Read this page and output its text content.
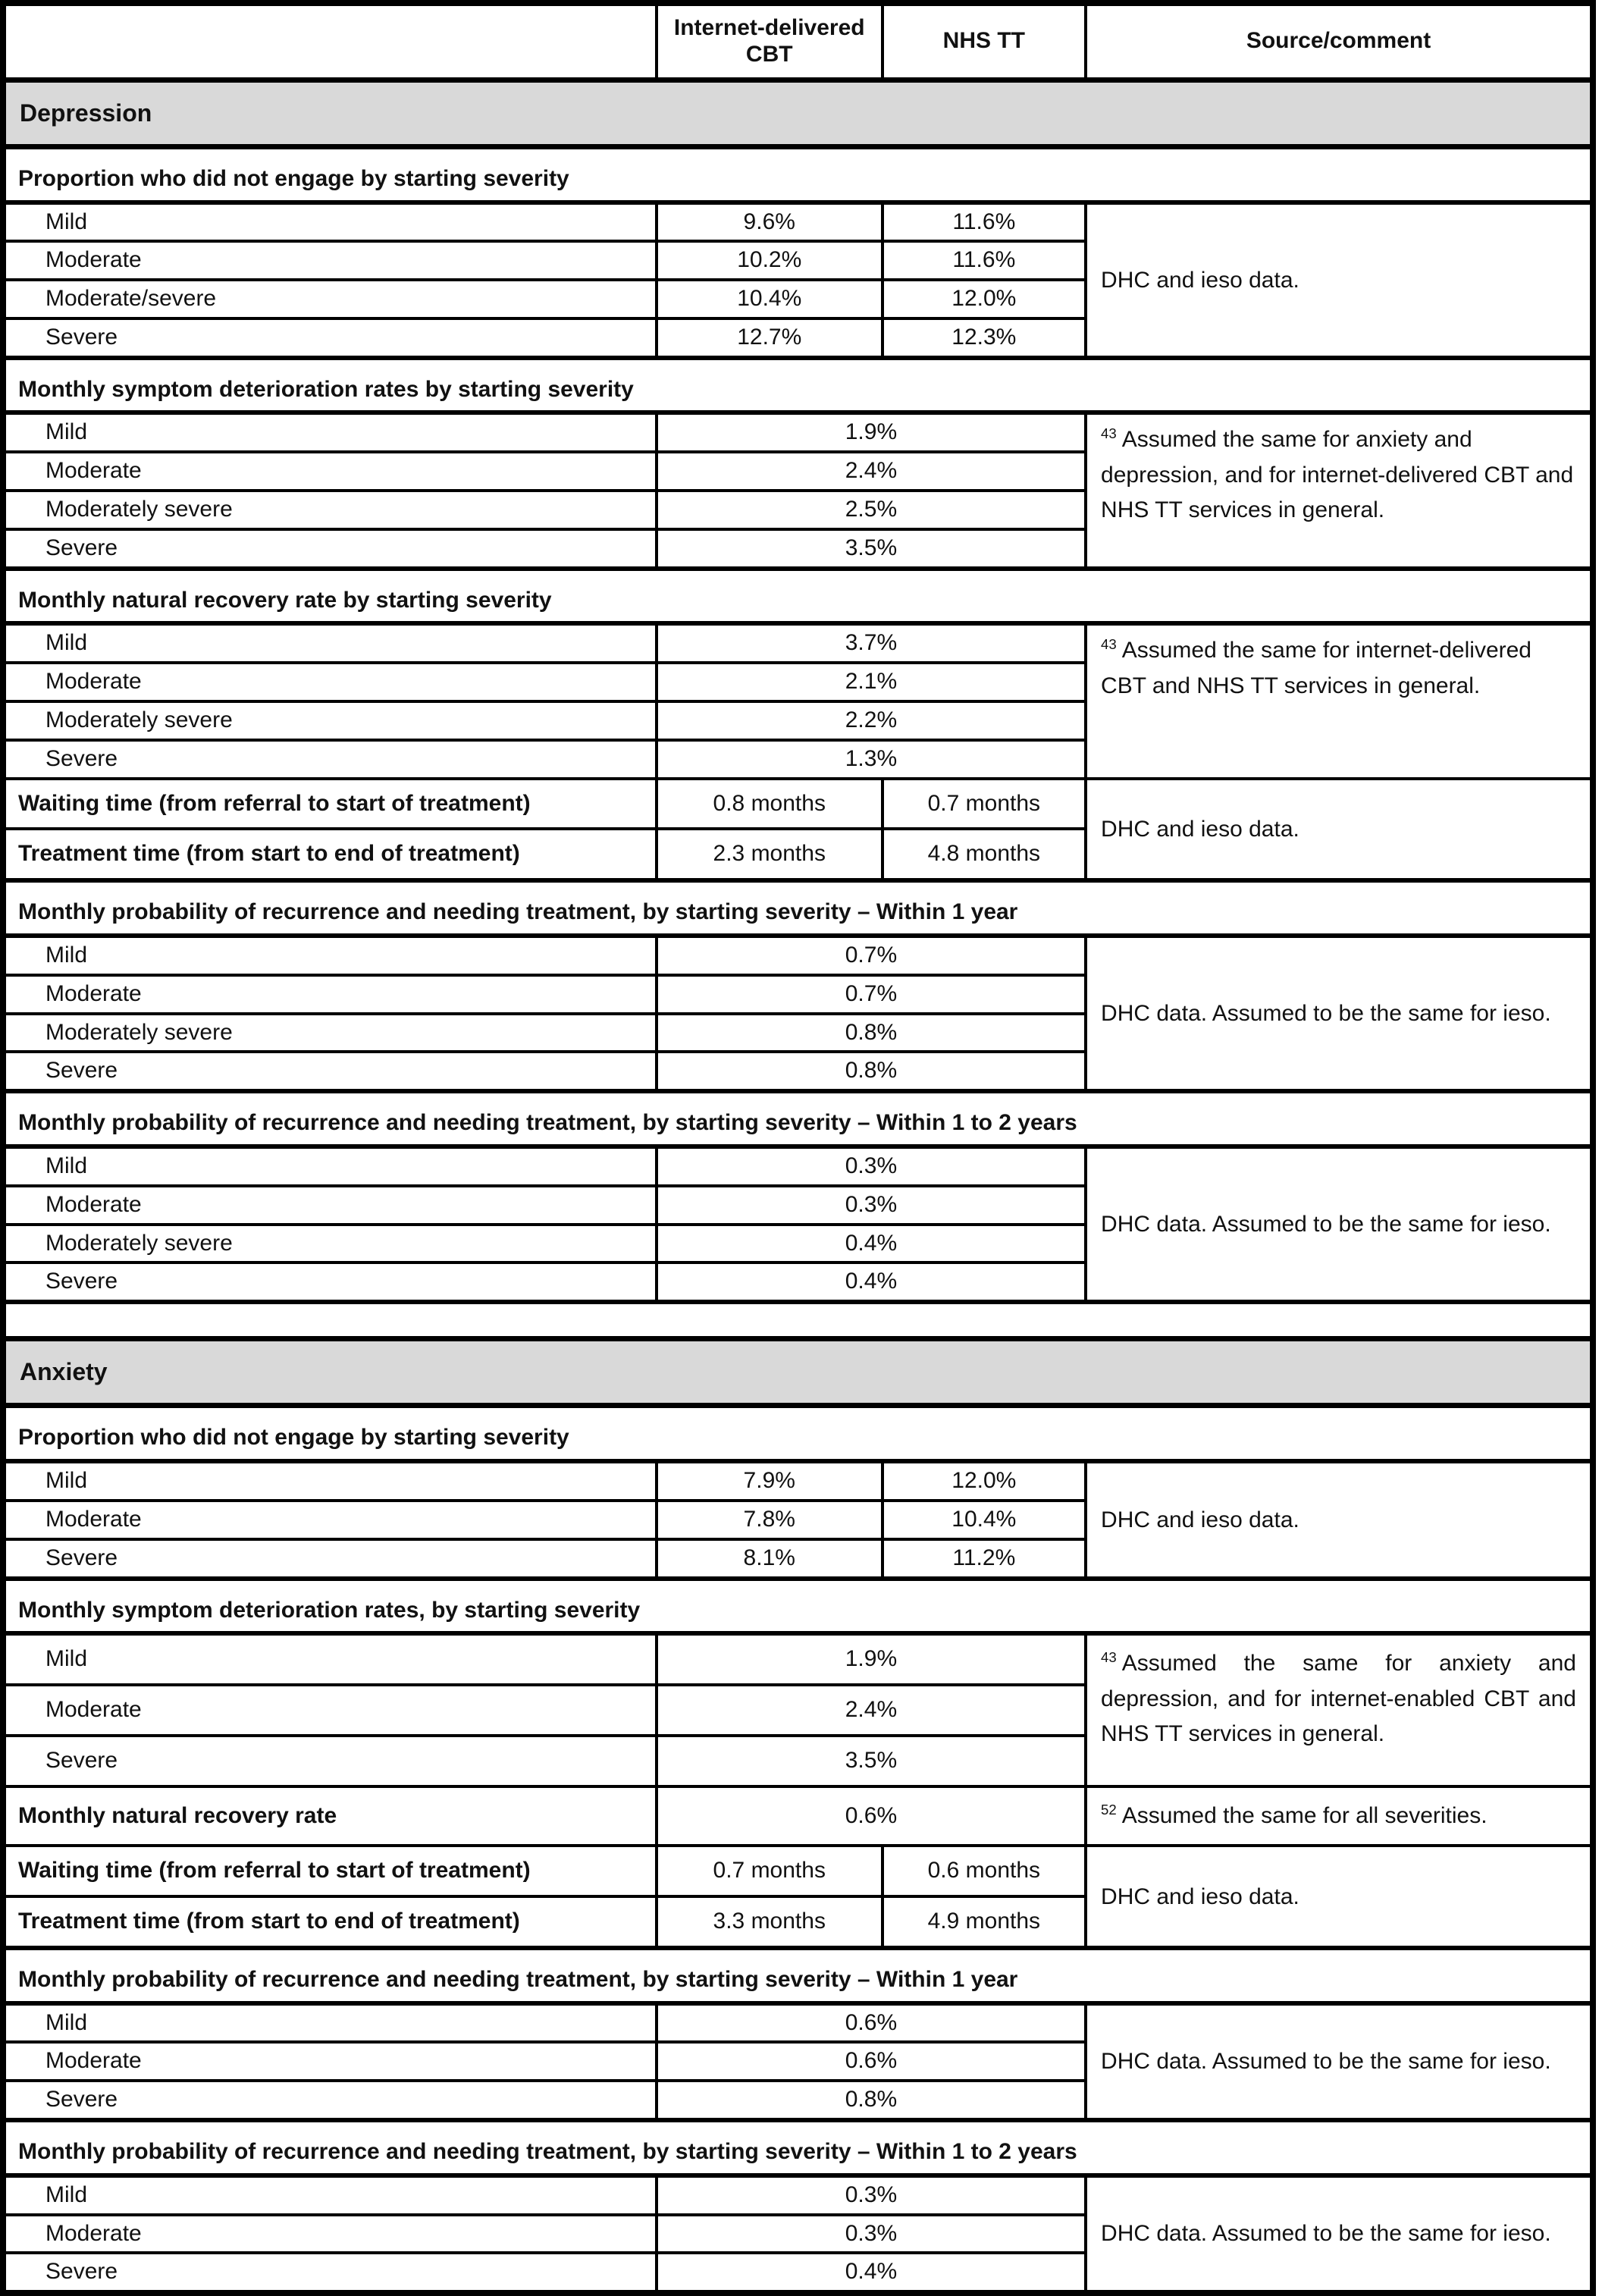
	Internet-delivered CBT	NHS TT	Source/comment
Depression			
Proportion who did not engage by starting severity			
Mild	9.6%	11.6%	DHC and ieso data.
Moderate	10.2%	11.6%	
Moderate/severe	10.4%	12.0%	
Severe	12.7%	12.3%	
Monthly symptom deterioration rates by starting severity			
Mild	1.9%		$^{43}$ Assumed the same for anxiety and depression, and for internet-delivered CBT and NHS TT services in general.
Moderate	2.4%		
Moderately severe	2.5%		
Severe	3.5%		
Monthly natural recovery rate by starting severity			
Mild	3.7%		$^{43}$ Assumed the same for internet-delivered CBT and NHS TT services in general.
Moderate	2.1%		
Moderately severe	2.2%		
Severe	1.3%		
Waiting time (from referral to start of treatment)	0.8 months	0.7 months	DHC and ieso data.
Treatment time (from start to end of treatment)	2.3 months	4.8 months	
Monthly probability of recurrence and needing treatment, by starting severity – Within 1 year			
Mild	0.7%		DHC data. Assumed to be the same for ieso.
Moderate	0.7%		
Moderately severe	0.8%		
Severe	0.8%		
Monthly probability of recurrence and needing treatment, by starting severity – Within 1 to 2 years			
Mild	0.3%		DHC data. Assumed to be the same for ieso.
Moderate	0.3%		
Moderately severe	0.4%		
Severe	0.4%		

Anxiety			
Proportion who did not engage by starting severity			
Mild	7.9%	12.0%	DHC and ieso data.
Moderate	7.8%	10.4%	
Severe	8.1%	11.2%	
Monthly symptom deterioration rates, by starting severity			
Mild	1.9%		$^{43}$ Assumed the same for anxiety and depression, and for internet-enabled CBT and NHS TT services in general.
Moderate	2.4%		
Severe	3.5%		
Monthly natural recovery rate	0.6%		$^{52}$ Assumed the same for all severities.
Waiting time (from referral to start of treatment)	0.7 months	0.6 months	DHC and ieso data.
Treatment time (from start to end of treatment)	3.3 months	4.9 months	
Monthly probability of recurrence and needing treatment, by starting severity – Within 1 year			
Mild	0.6%		DHC data. Assumed to be the same for ieso.
Moderate	0.6%		
Severe	0.8%		
Monthly probability of recurrence and needing treatment, by starting severity – Within 1 to 2 years			
Mild	0.3%		DHC data. Assumed to be the same for ieso.
Moderate	0.3%		
Severe	0.4%		
